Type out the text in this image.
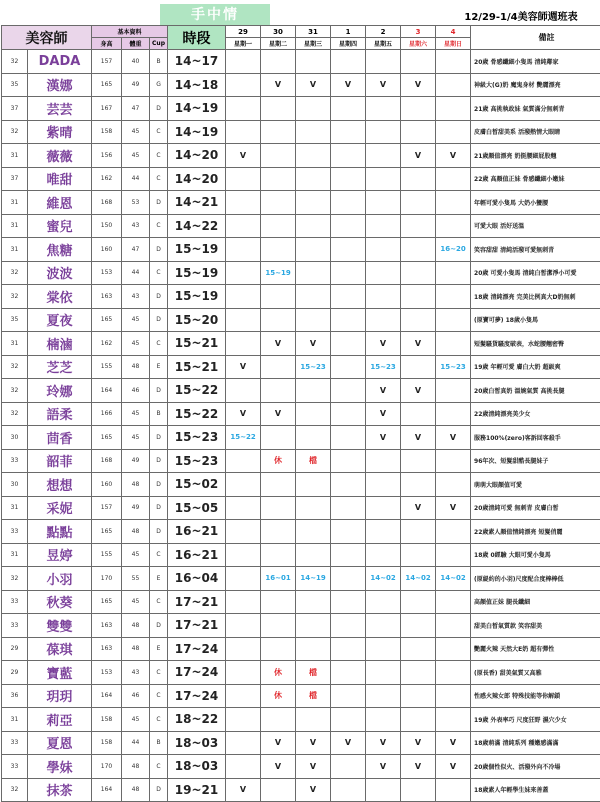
手中情	12/29-1/4美容師週班表
美容師		基本資料			時段	29	30	31	1	2	3	4	備註
		身高	體重	Cup		星期一	星期二	星期三	星期四	星期五	星期六	星期日	
32	DADA	157	40	B	14~17								20歲 骨感纖細小隻馬 清純鄰家
35	漢娜	165	49	G	14~18		V	V	V	V	V		神級大(G)奶 魔鬼身材 艷麗漂亮
37	芸芸	167	47	D	14~19								21歲 高挑執政妹 氣質滿分無刺青
32	紫晴	158	45	C	14~19								皮膚白皙甜美系 活潑熱情大眼睛
31	薇薇	156	45	C	14~20	V					V	V	21歲顏值漂亮 奶挺腰細屁股翹
37	唯甜	162	44	C	14~20								22歲 高顏值正妹 骨感纖細小嫩妹
31	維恩	168	53	D	14~21								年輕可愛小隻馬 大奶小蠻腰
31	蜜兒	150	43	C	14~22								可愛大眼 活好送溫
31	焦糖	160	47	D	15~19							16~20	笑容甜甜 清純活潑可愛無刺青
32	波波	153	44	C	15~19		15~19						20歲 可愛小隻馬 清純白皙潔淨小可愛
32	棠依	163	43	D	15~19								18歲 清純漂亮 完美比例真大D奶無刺
35	夏夜	165	45	D	15~20								(原寶可夢) 18歲小隻馬
31	楠滷	162	45	C	15~21		V	V		V	V		短髮騷貨騷度破表，水蛇腰翹密臀
32	芝芝	155	48	E	15~21	V		15~23		15~23		15~23	19歲 年輕可愛 膚白大奶 超級爽
32	玲娜	164	46	D	15~22					V	V		20歲白皙真奶 溫婉氣質 高挑長腿
32	語柔	166	45	B	15~22	V	V			V			22歲清純漂亮美少女
30	茴香	165	45	D	15~23	15~22				V	V	V	服務100%(zero)客訴回客殺手
33	韶菲	168	49	D	15~23		休	檔					96年次、短髮甜酷長腿妹子
30	想想	160	48	D	15~02								萌萌大眼顏值可愛
31	采妮	157	49	D	15~05						V	V	20歲清純可愛 無刺青 皮膚白皙
33	點點	165	48	D	16~21								22歲素人顏值情純漂亮 短髮俏麗
31	昱婷	155	45	C	16~21								18歲 0經驗 大眼可愛小隻馬
32	小羽	170	55	E	16~04		16~01	14~19		14~02	14~02	14~02	(原緹約的小羽)尺度配合度棒棒低
33	秋葵	165	45	C	17~21								高顏值正妹 腿長纖細
33	雙雙	163	48	D	17~21								甜美白皙氣質款 笑容甜美
29	葆琪	163	48	E	17~24								艷麗火辣 天然大E奶 超有彈性
29	寶藍	153	43	C	17~24		休	檔					(原長香) 甜美氣質又高雅
36	玥玥	164	46	C	17~24		休	檔					性感火辣女郎 特殊技能等你解鎖
31	莉亞	158	45	C	18~22								19歲 外表率巧 尺度狂野 濕穴少女
33	夏恩	158	44	B	18~03		V	V	V	V	V	V	18歲萌滿 清純系列 種嫩感滿滿
33	學妹	170	48	C	18~03		V	V		V	V	V	20歲個性似火、活潑外向不冷場
32	抹茶	164	48	D	19~21	V		V					18歲素人年輕學生妹來善蓋
